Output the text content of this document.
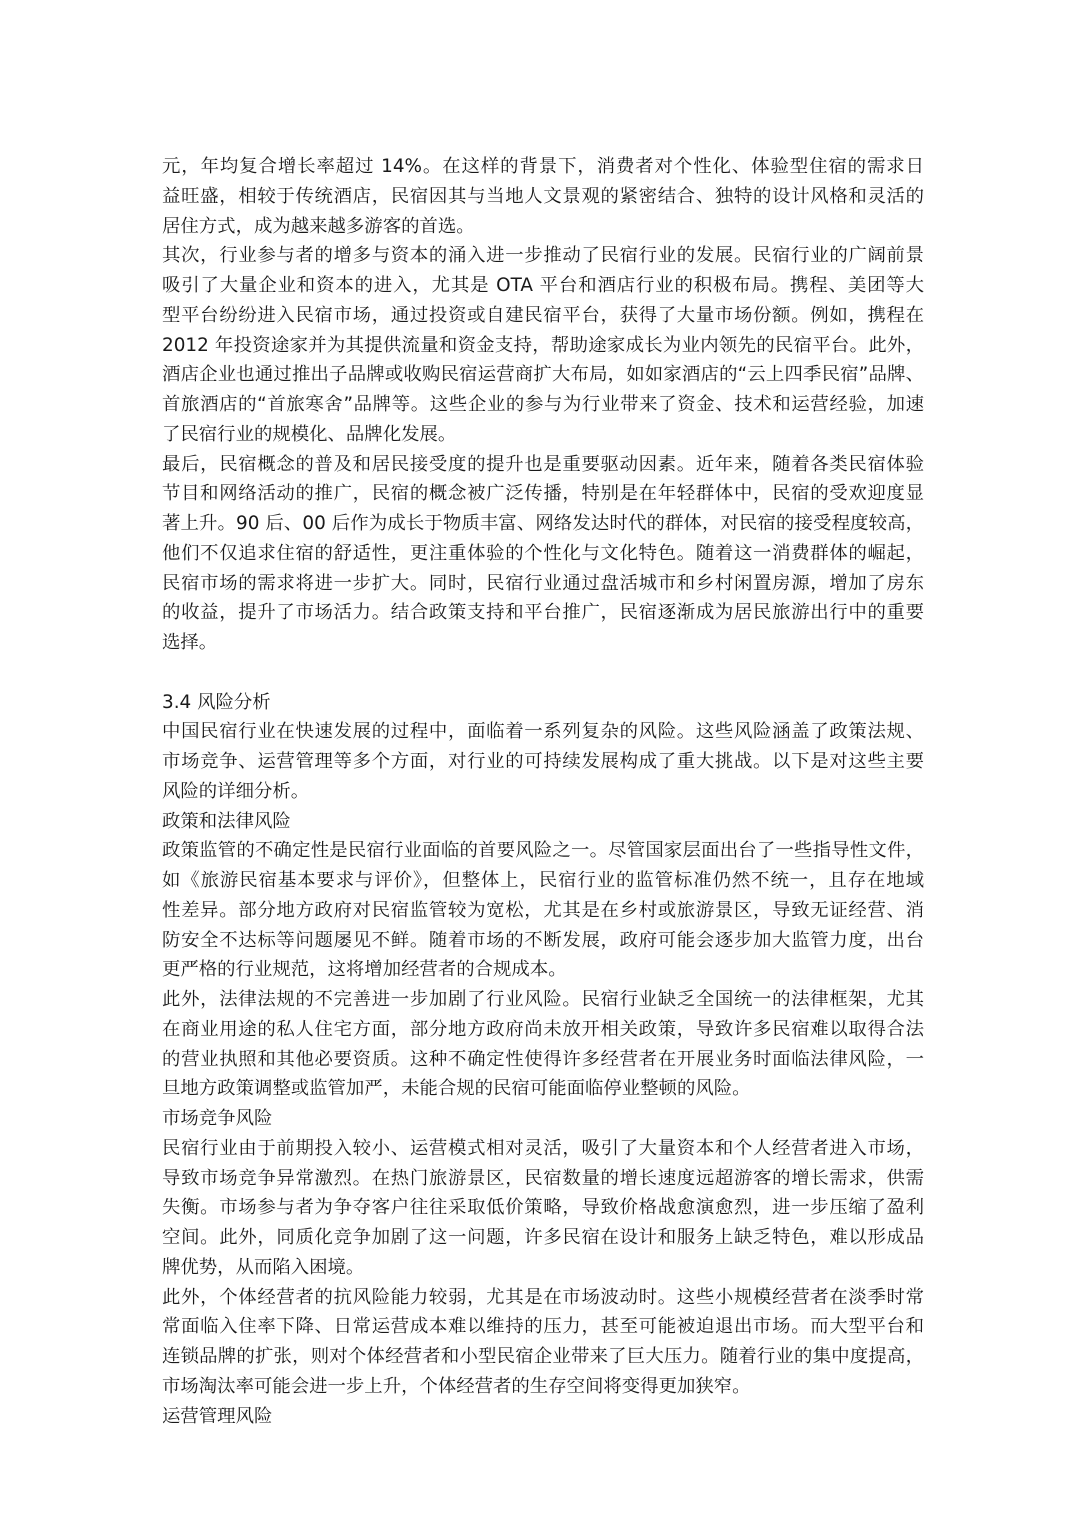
元，年均复合增长率超过 14%。在这样的背景下，消费者对个性化、体验型住宿的需求日
益旺盛，相较于传统酒店，民宿因其与当地人文景观的紧密结合、独特的设计风格和灵活的
居住方式，成为越来越多游客的首选。
其次，行业参与者的增多与资本的涌入进一步推动了民宿行业的发展。民宿行业的广阔前景
吸引了大量企业和资本的进入，尤其是 OTA 平台和酒店行业的积极布局。携程、美团等大
型平台纷纷进入民宿市场，通过投资或自建民宿平台，获得了大量市场份额。例如，携程在
2012 年投资途家并为其提供流量和资金支持，帮助途家成长为业内领先的民宿平台。此外，
酒店企业也通过推出子品牌或收购民宿运营商扩大布局，如如家酒店的“云上四季民宿”品牌、
首旅酒店的“首旅寒舍”品牌等。这些企业的参与为行业带来了资金、技术和运营经验，加速
了民宿行业的规模化、品牌化发展。
最后，民宿概念的普及和居民接受度的提升也是重要驱动因素。近年来，随着各类民宿体验
节目和网络活动的推广，民宿的概念被广泛传播，特别是在年轻群体中，民宿的受欢迎度显
著上升。90 后、00 后作为成长于物质丰富、网络发达时代的群体，对民宿的接受程度较高，
他们不仅追求住宿的舒适性，更注重体验的个性化与文化特色。随着这一消费群体的崛起，
民宿市场的需求将进一步扩大。同时，民宿行业通过盘活城市和乡村闲置房源，增加了房东
的收益，提升了市场活力。结合政策支持和平台推广，民宿逐渐成为居民旅游出行中的重要
选择。
3.4 风险分析
中国民宿行业在快速发展的过程中，面临着一系列复杂的风险。这些风险涵盖了政策法规、
市场竞争、运营管理等多个方面，对行业的可持续发展构成了重大挑战。以下是对这些主要
风险的详细分析。
政策和法律风险
政策监管的不确定性是民宿行业面临的首要风险之一。尽管国家层面出台了一些指导性文件，
如《旅游民宿基本要求与评价》，但整体上，民宿行业的监管标准仍然不统一，且存在地域
性差异。部分地方政府对民宿监管较为宽松，尤其是在乡村或旅游景区，导致无证经营、消
防安全不达标等问题屡见不鲜。随着市场的不断发展，政府可能会逐步加大监管力度，出台
更严格的行业规范，这将增加经营者的合规成本。
此外，法律法规的不完善进一步加剧了行业风险。民宿行业缺乏全国统一的法律框架，尤其
在商业用途的私人住宅方面，部分地方政府尚未放开相关政策，导致许多民宿难以取得合法
的营业执照和其他必要资质。这种不确定性使得许多经营者在开展业务时面临法律风险，一
旦地方政策调整或监管加严，未能合规的民宿可能面临停业整顿的风险。
市场竞争风险
民宿行业由于前期投入较小、运营模式相对灵活，吸引了大量资本和个人经营者进入市场，
导致市场竞争异常激烈。在热门旅游景区，民宿数量的增长速度远超游客的增长需求，供需
失衡。市场参与者为争夺客户往往采取低价策略，导致价格战愈演愈烈，进一步压缩了盈利
空间。此外，同质化竞争加剧了这一问题，许多民宿在设计和服务上缺乏特色，难以形成品
牌优势，从而陷入困境。
此外，个体经营者的抗风险能力较弱，尤其是在市场波动时。这些小规模经营者在淡季时常
常面临入住率下降、日常运营成本难以维持的压力，甚至可能被迫退出市场。而大型平台和
连锁品牌的扩张，则对个体经营者和小型民宿企业带来了巨大压力。随着行业的集中度提高，
市场淘汰率可能会进一步上升，个体经营者的生存空间将变得更加狭窄。
运营管理风险
